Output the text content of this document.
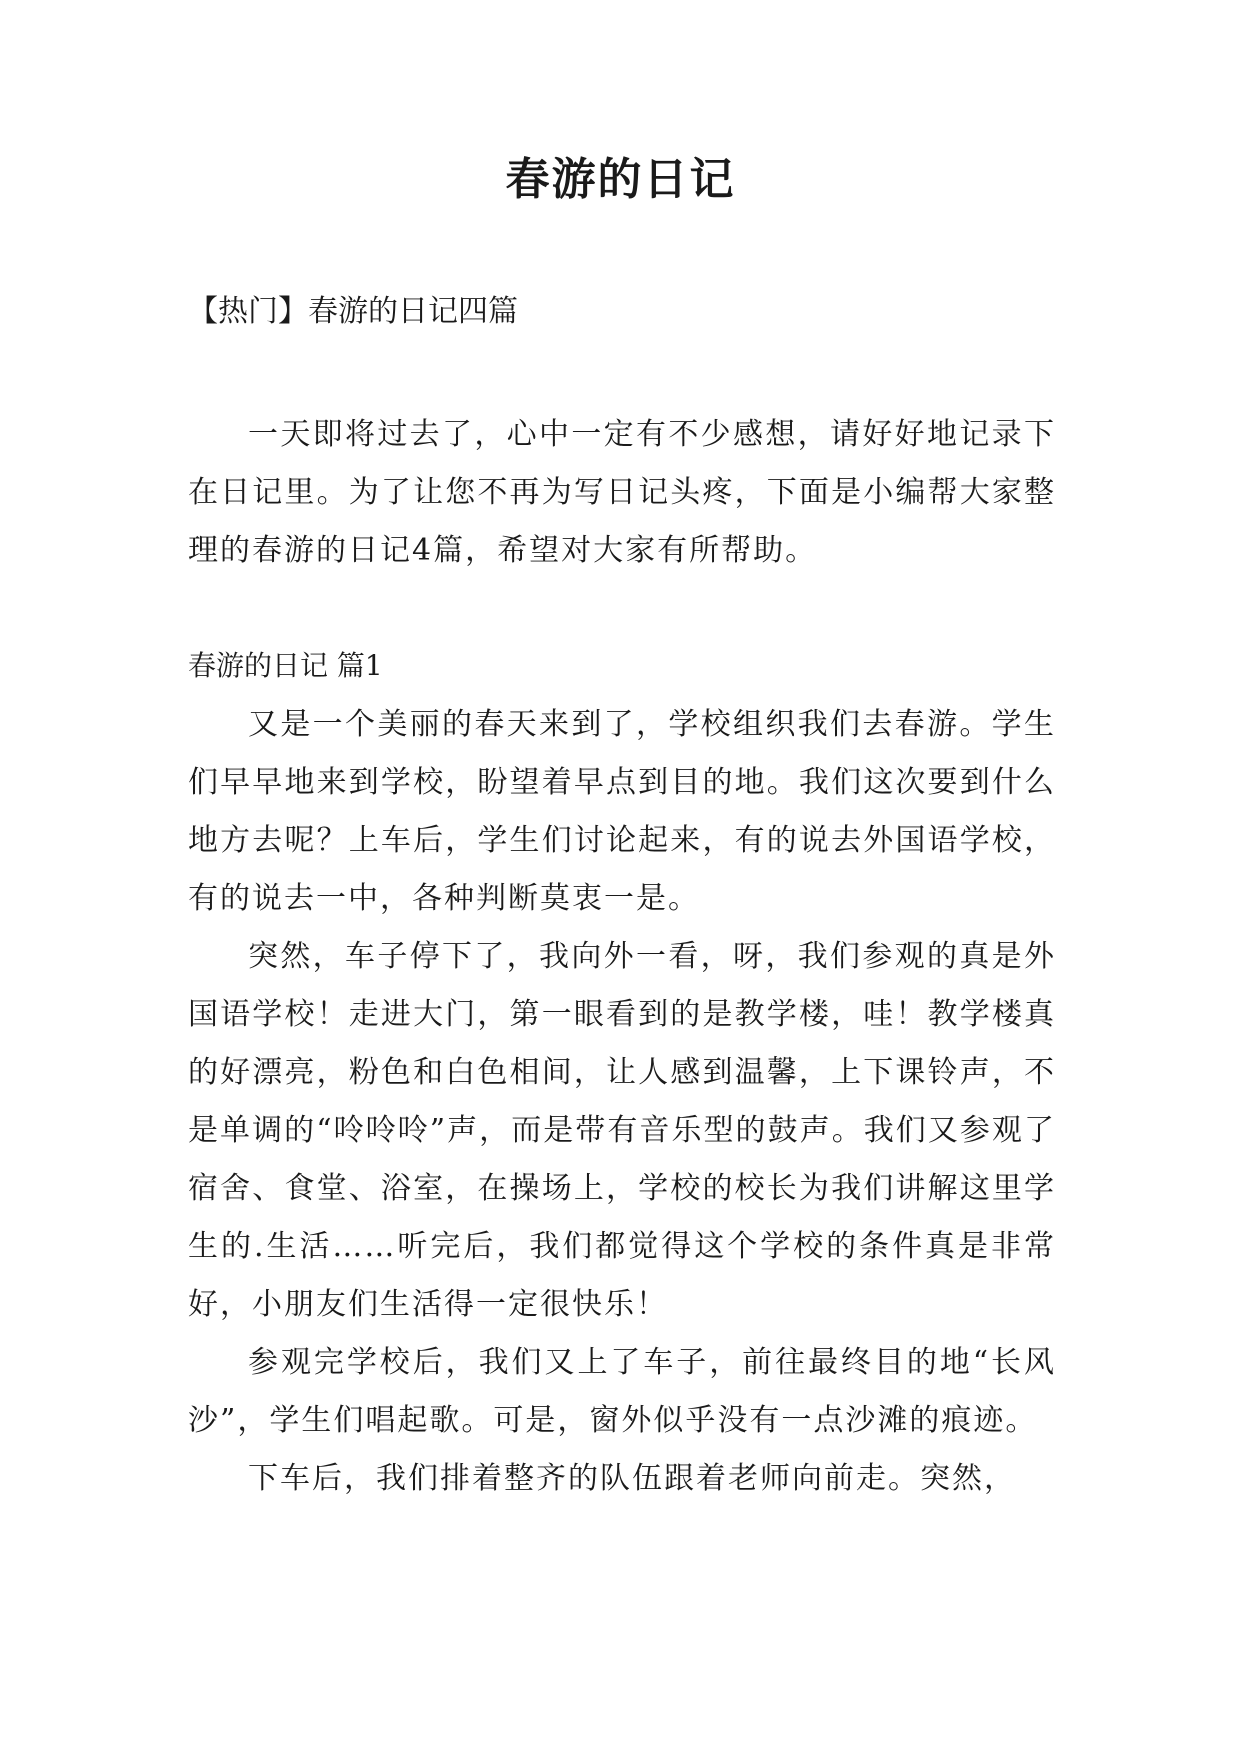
春游的日记
【热门】春游的日记四篇

一天即将过去了，心中一定有不少感想，请好好地记录下在日记里。为了让您不再为写日记头疼，下面是小编帮大家整理的春游的日记4篇，希望对大家有所帮助。

春游的日记 篇1

又是一个美丽的春天来到了，学校组织我们去春游。学生们早早地来到学校，盼望着早点到目的地。我们这次要到什么地方去呢？上车后，学生们讨论起来，有的说去外国语学校，有的说去一中，各种判断莫衷一是。

突然，车子停下了，我向外一看，呀，我们参观的真是外国语学校！走进大门，第一眼看到的是教学楼，哇！教学楼真的好漂亮，粉色和白色相间，让人感到温馨，上下课铃声，不是单调的“呤呤呤”声，而是带有音乐型的鼓声。我们又参观了宿舍、食堂、浴室，在操场上，学校的校长为我们讲解这里学生的.生活……听完后，我们都觉得这个学校的条件真是非常好，小朋友们生活得一定很快乐！

参观完学校后，我们又上了车子，前往最终目的地“长风沙”，学生们唱起歌。可是，窗外似乎没有一点沙滩的痕迹。

下车后，我们排着整齐的队伍跟着老师向前走。突然，
